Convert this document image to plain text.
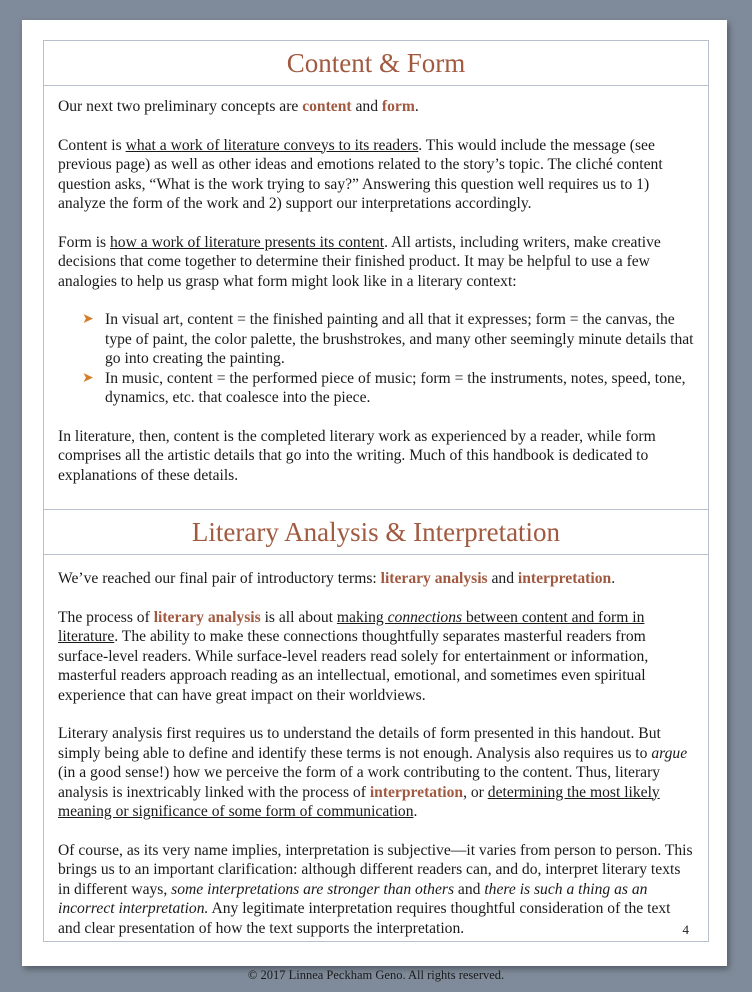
Content & Form

Our next two preliminary concepts are content and form.

Content is what a work of literature conveys to its readers. This would include the message (see previous page) as well as other ideas and emotions related to the story’s topic. The cliché content question asks, “What is the work trying to say?” Answering this question well requires us to 1) analyze the form of the work and 2) support our interpretations accordingly.

Form is how a work of literature presents its content. All artists, including writers, make creative decisions that come together to determine their finished product. It may be helpful to use a few analogies to help us grasp what form might look like in a literary context:

➤ In visual art, content = the finished painting and all that it expresses; form = the canvas, the type of paint, the color palette, the brushstrokes, and many other seemingly minute details that go into creating the painting.
➤ In music, content = the performed piece of music; form = the instruments, notes, speed, tone, dynamics, etc. that coalesce into the piece.

In literature, then, content is the completed literary work as experienced by a reader, while form comprises all the artistic details that go into the writing. Much of this handbook is dedicated to explanations of these details.

Literary Analysis & Interpretation

We’ve reached our final pair of introductory terms: literary analysis and interpretation.

The process of literary analysis is all about making connections between content and form in literature. The ability to make these connections thoughtfully separates masterful readers from surface-level readers. While surface-level readers read solely for entertainment or information, masterful readers approach reading as an intellectual, emotional, and sometimes even spiritual experience that can have great impact on their worldviews.

Literary analysis first requires us to understand the details of form presented in this handout. But simply being able to define and identify these terms is not enough. Analysis also requires us to argue (in a good sense!) how we perceive the form of a work contributing to the content. Thus, literary analysis is inextricably linked with the process of interpretation, or determining the most likely meaning or significance of some form of communication.

Of course, as its very name implies, interpretation is subjective—it varies from person to person. This brings us to an important clarification: although different readers can, and do, interpret literary texts in different ways, some interpretations are stronger than others and there is such a thing as an incorrect interpretation. Any legitimate interpretation requires thoughtful consideration of the text and clear presentation of how the text supports the interpretation.	4
© 2017 Linnea Peckham Geno. All rights reserved.
